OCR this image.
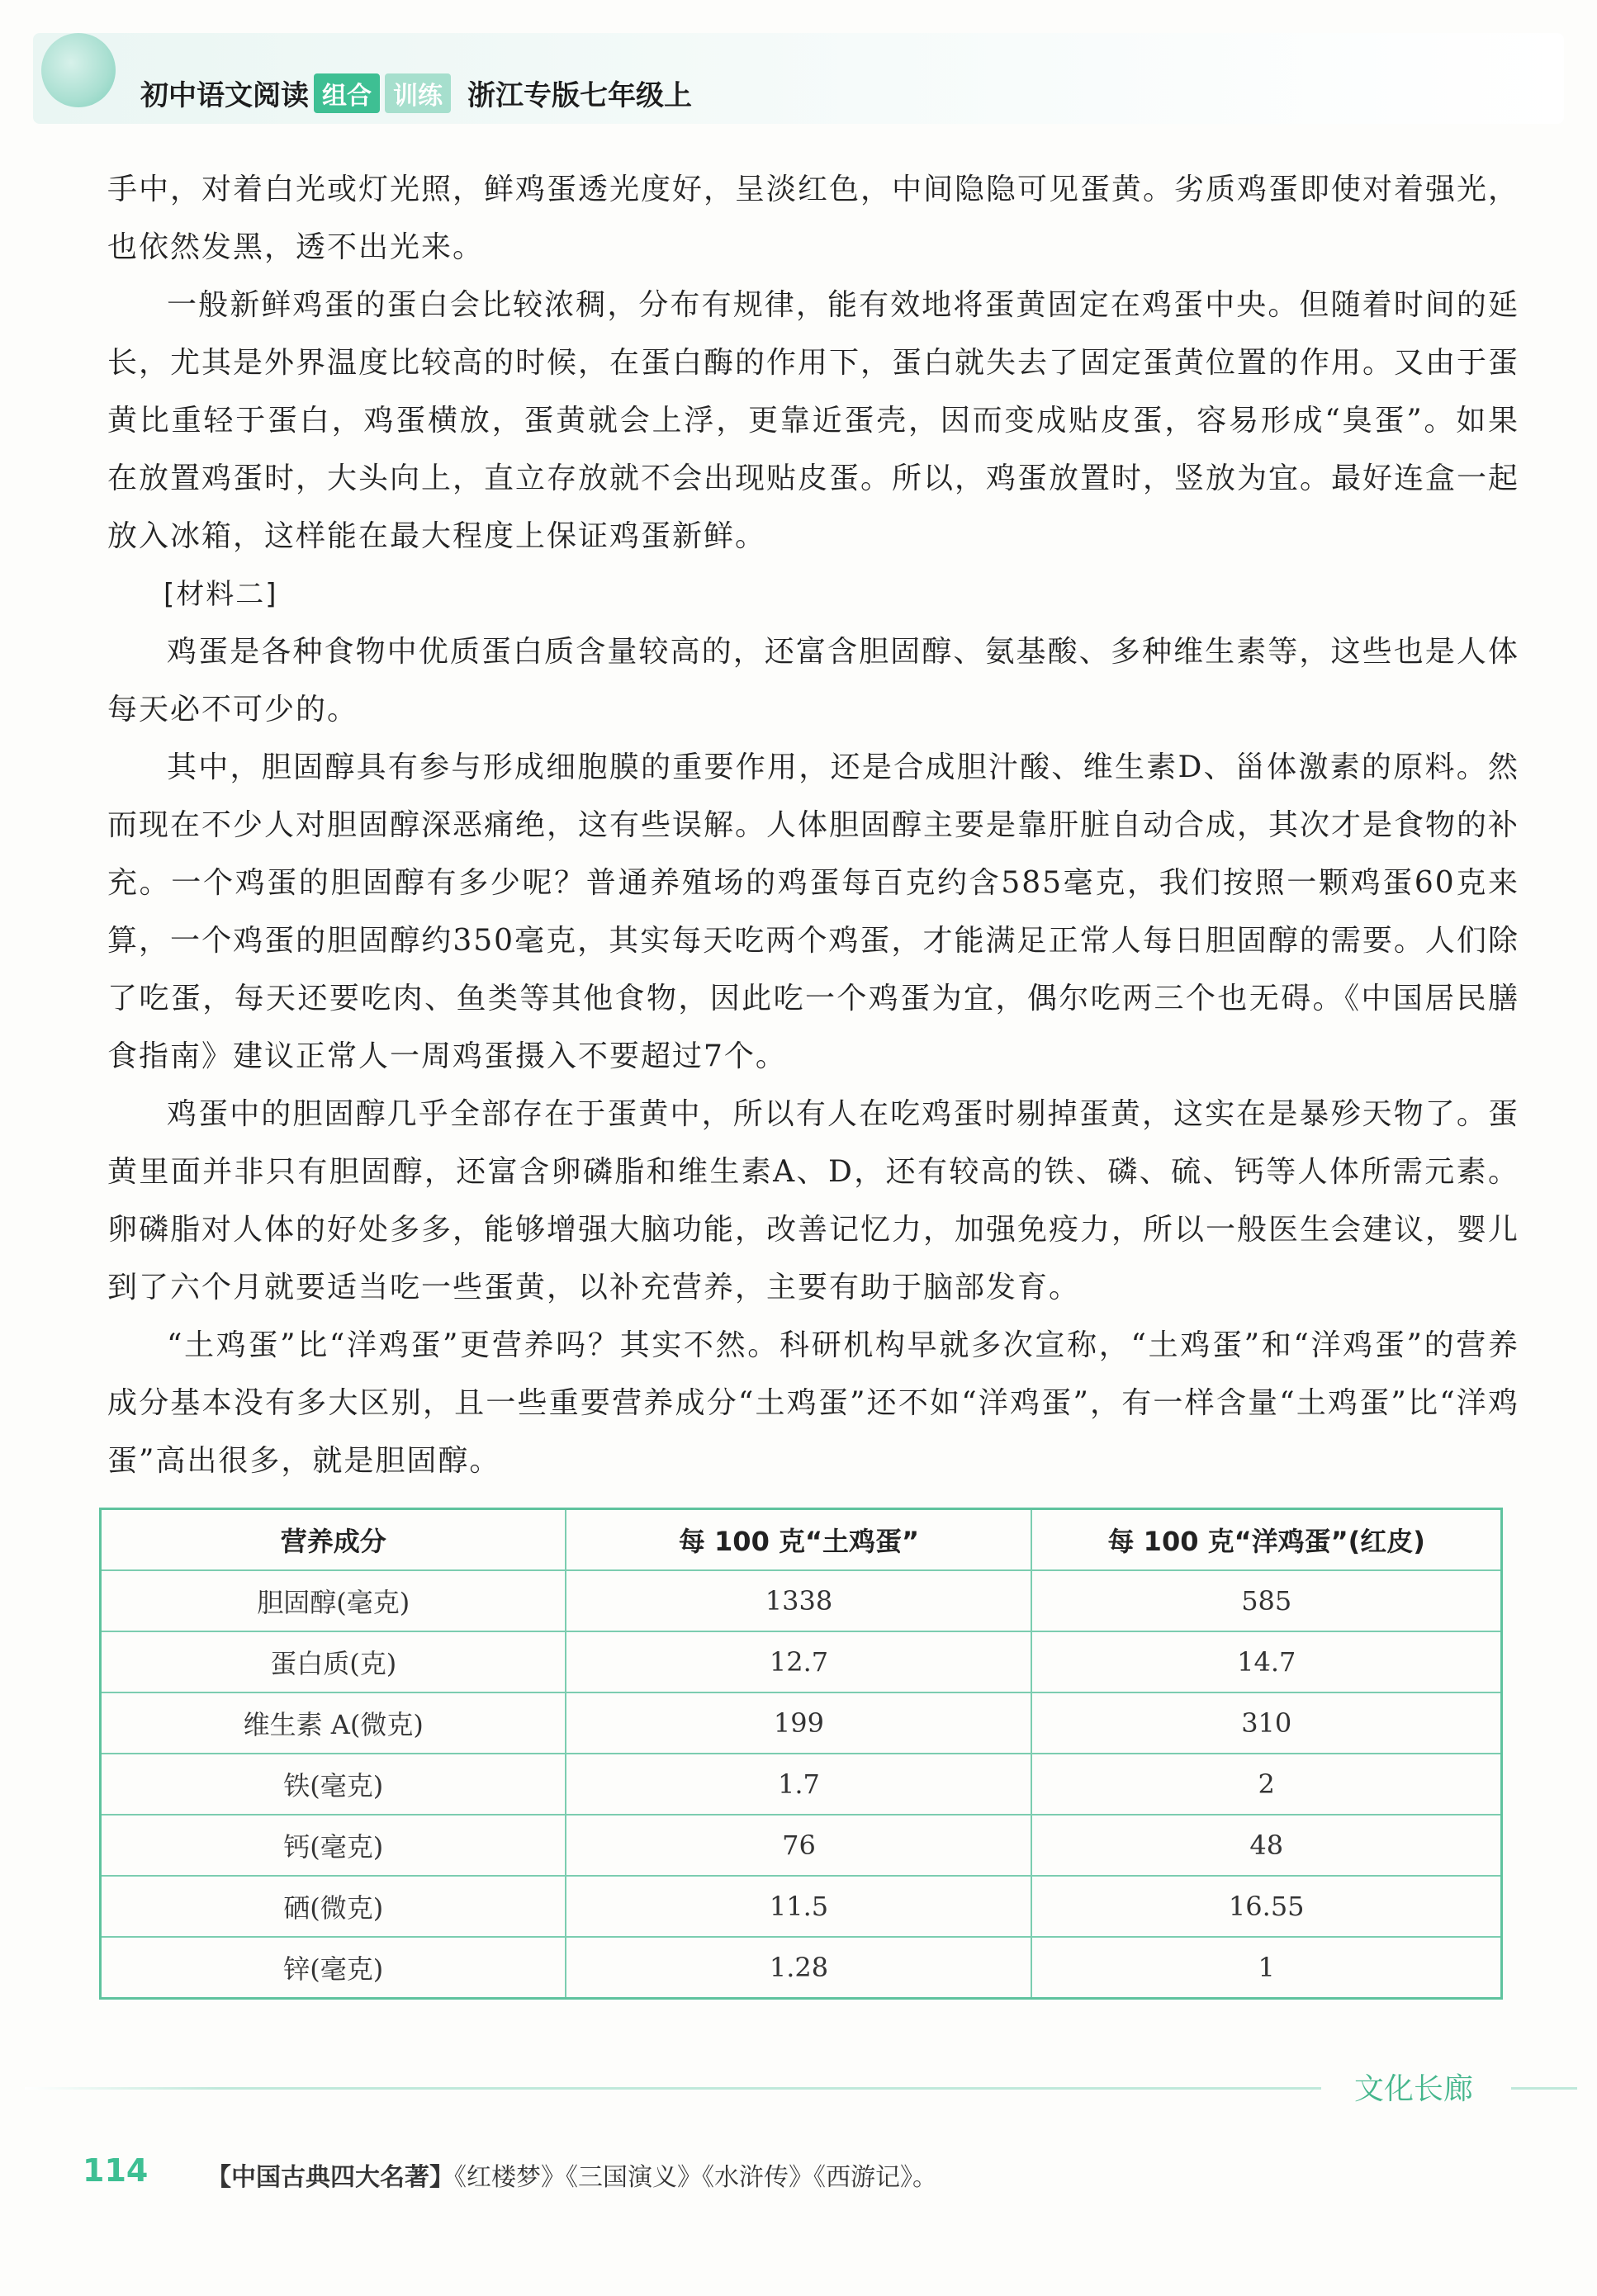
初中语文阅读 组合 训练 浙江专版七年级上

手中，对着白光或灯光照，鲜鸡蛋透光度好，呈淡红色，中间隐隐可见蛋黄。劣质鸡蛋即使对着强光，也依然发黑，透不出光来。

一般新鲜鸡蛋的蛋白会比较浓稠，分布有规律，能有效地将蛋黄固定在鸡蛋中央。但随着时间的延长，尤其是外界温度比较高的时候，在蛋白酶的作用下，蛋白就失去了固定蛋黄位置的作用。又由于蛋黄比重轻于蛋白，鸡蛋横放，蛋黄就会上浮，更靠近蛋壳，因而变成贴皮蛋，容易形成“臭蛋”。如果在放置鸡蛋时，大头向上，直立存放就不会出现贴皮蛋。所以，鸡蛋放置时，竖放为宜。最好连盒一起放入冰箱，这样能在最大程度上保证鸡蛋新鲜。

[材料二]

鸡蛋是各种食物中优质蛋白质含量较高的，还富含胆固醇、氨基酸、多种维生素等，这些也是人体每天必不可少的。

其中，胆固醇具有参与形成细胞膜的重要作用，还是合成胆汁酸、维生素D、甾体激素的原料。然而现在不少人对胆固醇深恶痛绝，这有些误解。人体胆固醇主要是靠肝脏自动合成，其次才是食物的补充。一个鸡蛋的胆固醇有多少呢？普通养殖场的鸡蛋每百克约含585毫克，我们按照一颗鸡蛋60克来算，一个鸡蛋的胆固醇约350毫克，其实每天吃两个鸡蛋，才能满足正常人每日胆固醇的需要。人们除了吃蛋，每天还要吃肉、鱼类等其他食物，因此吃一个鸡蛋为宜，偶尔吃两三个也无碍。《中国居民膳食指南》建议正常人一周鸡蛋摄入不要超过7个。

鸡蛋中的胆固醇几乎全部存在于蛋黄中，所以有人在吃鸡蛋时剔掉蛋黄，这实在是暴殄天物了。蛋黄里面并非只有胆固醇，还富含卵磷脂和维生素A、D，还有较高的铁、磷、硫、钙等人体所需元素。卵磷脂对人体的好处多多，能够增强大脑功能，改善记忆力，加强免疫力，所以一般医生会建议，婴儿到了六个月就要适当吃一些蛋黄，以补充营养，主要有助于脑部发育。

“土鸡蛋”比“洋鸡蛋”更营养吗？其实不然。科研机构早就多次宣称，“土鸡蛋”和“洋鸡蛋”的营养成分基本没有多大区别，且一些重要营养成分“土鸡蛋”还不如“洋鸡蛋”，有一样含量“土鸡蛋”比“洋鸡蛋”高出很多，就是胆固醇。

营养成分	每 100 克“土鸡蛋”	每 100 克“洋鸡蛋”(红皮)
胆固醇(毫克)	1338	585
蛋白质(克)	12.7	14.7
维生素 A(微克)	199	310
铁(毫克)	1.7	2
钙(毫克)	76	48
硒(微克)	11.5	16.55
锌(毫克)	1.28	1
文化长廊
114 【中国古典四大名著】《红楼梦》《三国演义》《水浒传》《西游记》。
